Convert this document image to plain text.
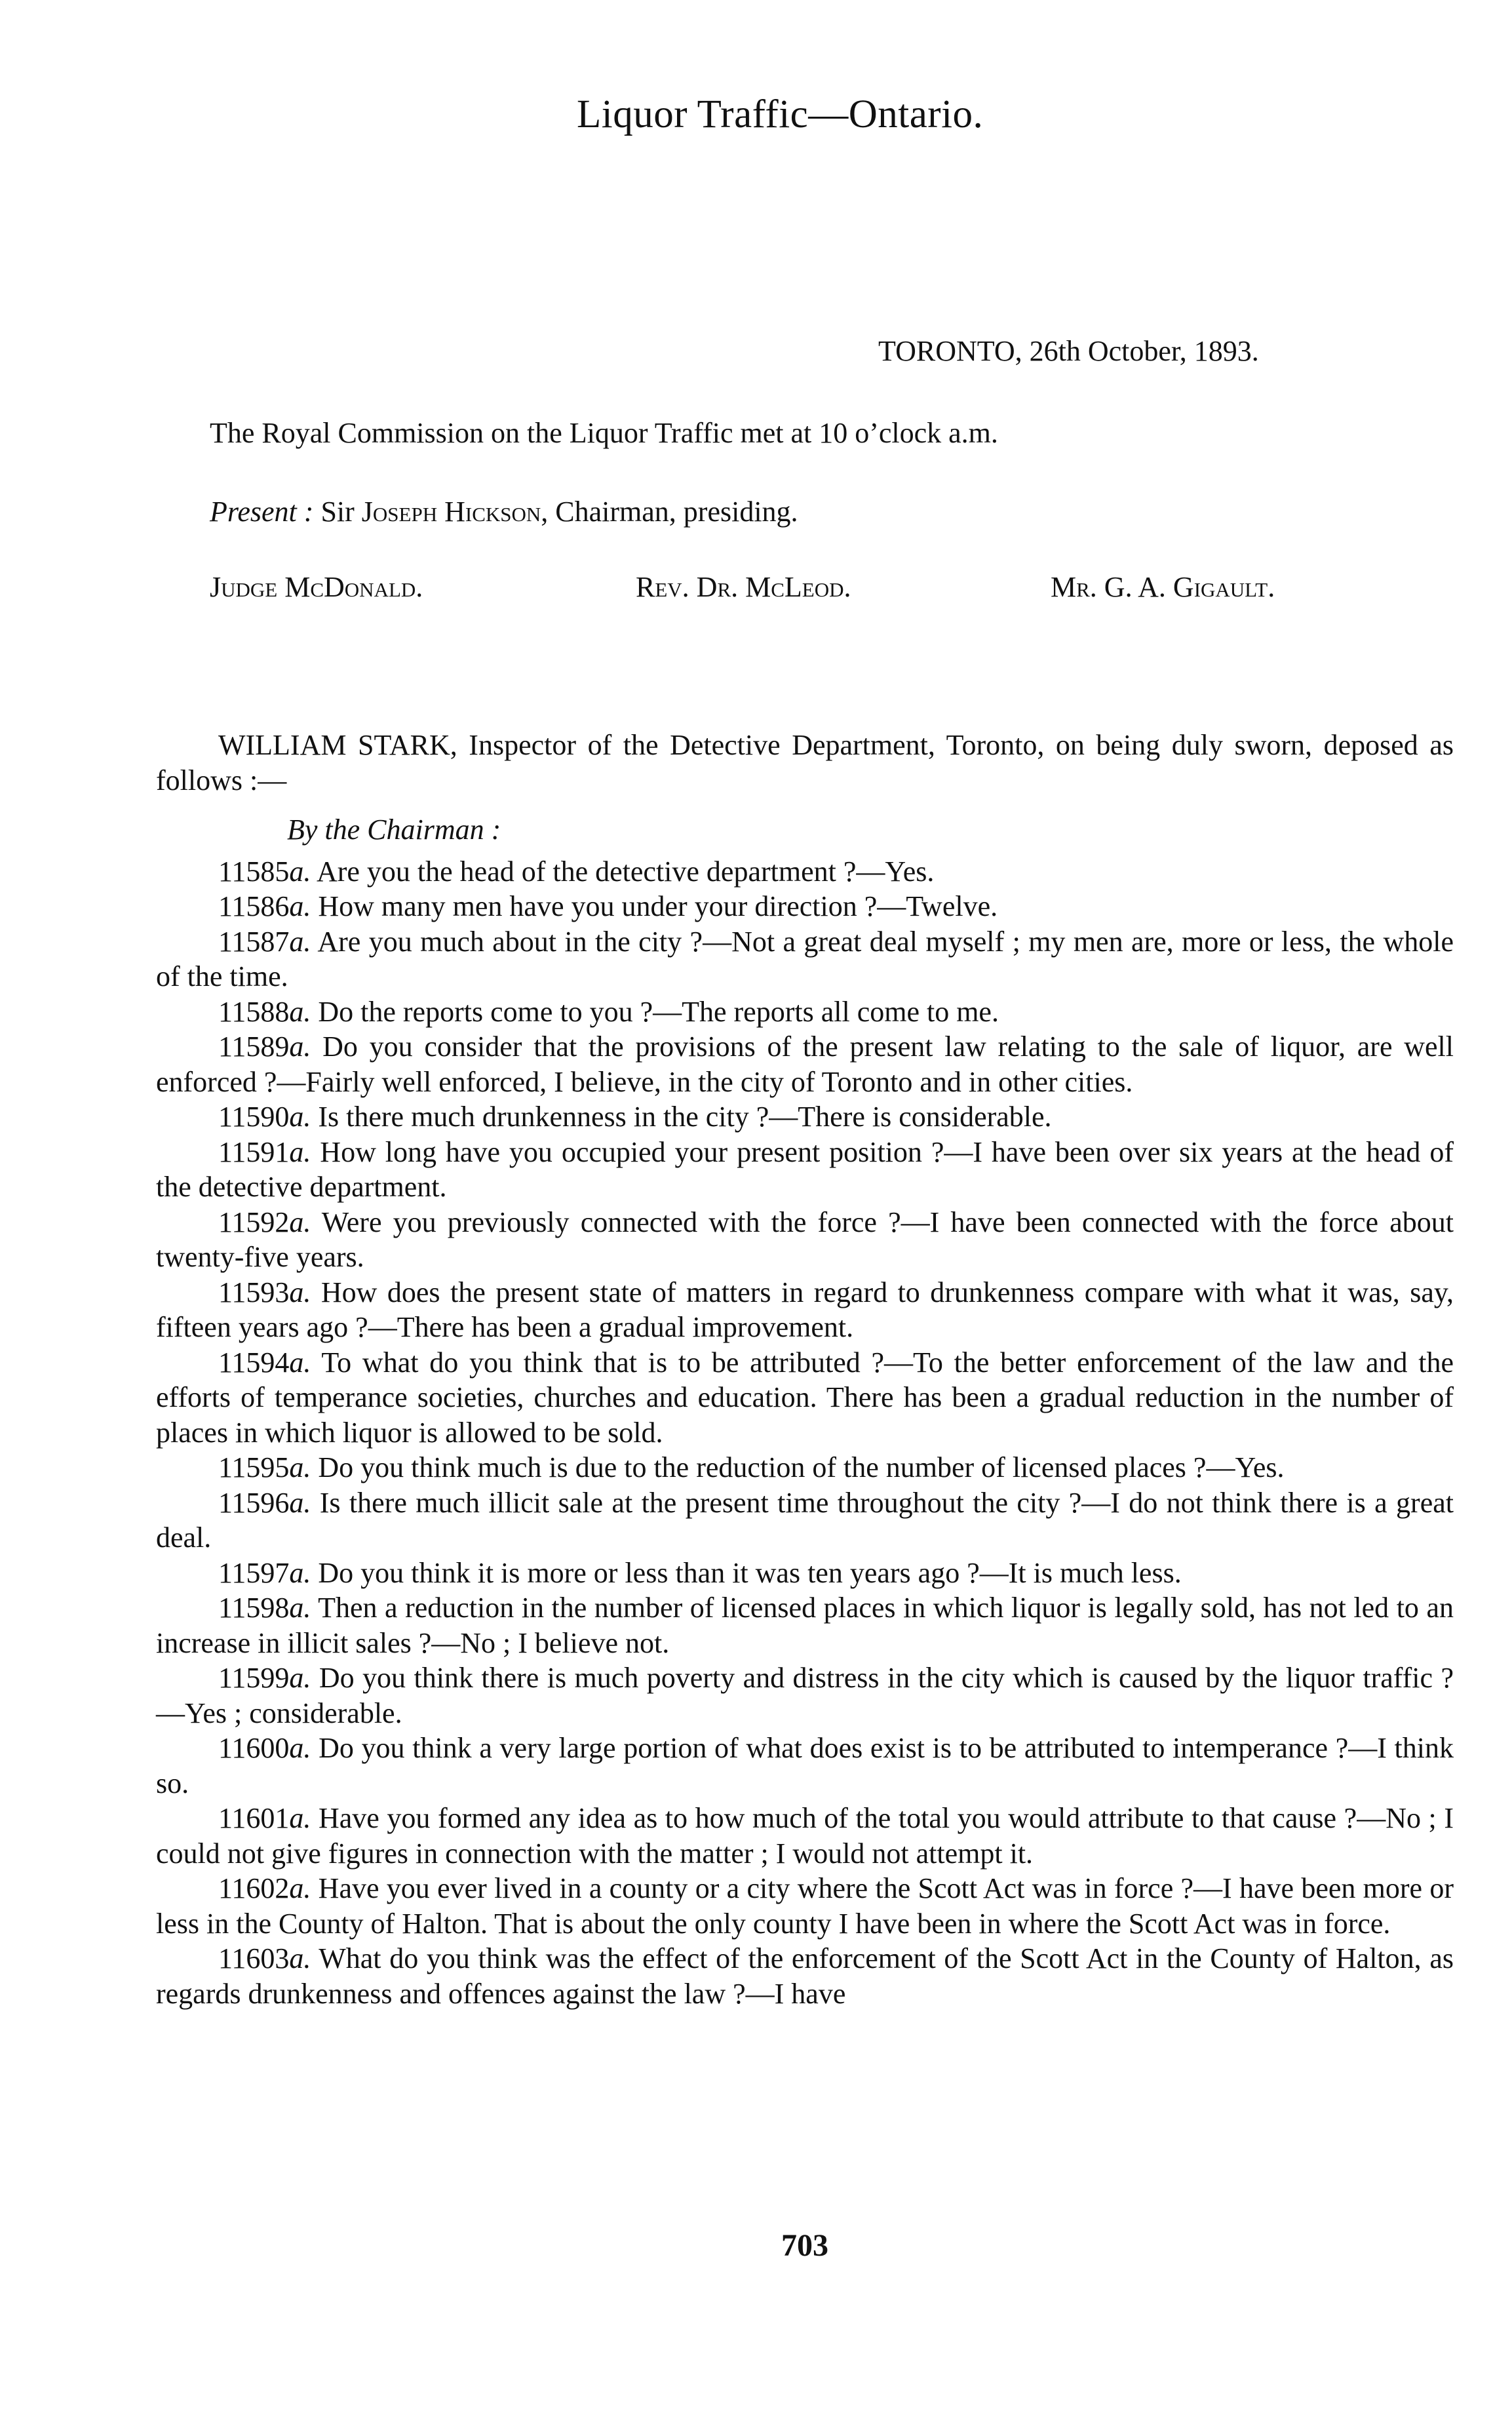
Liquor Traffic—Ontario.
TORONTO, 26th October, 1893.
The Royal Commission on the Liquor Traffic met at 10 o’clock a.m.
Present : Sir Joseph Hickson, Chairman, presiding.
Judge McDonald.	Rev. Dr. McLeod.	Mr. G. A. Gigault.

WILLIAM STARK, Inspector of the Detective Department, Toronto, on being duly sworn, deposed as follows :—

By the Chairman :

11585a. Are you the head of the detective department ?—Yes.

11586a. How many men have you under your direction ?—Twelve.

11587a. Are you much about in the city ?—Not a great deal myself ; my men are, more or less, the whole of the time.

11588a. Do the reports come to you ?—The reports all come to me.

11589a. Do you consider that the provisions of the present law relating to the sale of liquor, are well enforced ?—Fairly well enforced, I believe, in the city of Toronto and in other cities.

11590a. Is there much drunkenness in the city ?—There is considerable.

11591a. How long have you occupied your present position ?—I have been over six years at the head of the detective department.

11592a. Were you previously connected with the force ?—I have been connected with the force about twenty-five years.

11593a. How does the present state of matters in regard to drunkenness compare with what it was, say, fifteen years ago ?—There has been a gradual improvement.

11594a. To what do you think that is to be attributed ?—To the better enforcement of the law and the efforts of temperance societies, churches and education. There has been a gradual reduction in the number of places in which liquor is allowed to be sold.

11595a. Do you think much is due to the reduction of the number of licensed places ?—Yes.

11596a. Is there much illicit sale at the present time throughout the city ?—I do not think there is a great deal.

11597a. Do you think it is more or less than it was ten years ago ?—It is much less.

11598a. Then a reduction in the number of licensed places in which liquor is legally sold, has not led to an increase in illicit sales ?—No ; I believe not.

11599a. Do you think there is much poverty and distress in the city which is caused by the liquor traffic ?—Yes ; considerable.

11600a. Do you think a very large portion of what does exist is to be attributed to intemperance ?—I think so.

11601a. Have you formed any idea as to how much of the total you would attribute to that cause ?—No ; I could not give figures in connection with the matter ; I would not attempt it.

11602a. Have you ever lived in a county or a city where the Scott Act was in force ?—I have been more or less in the County of Halton. That is about the only county I have been in where the Scott Act was in force.

11603a. What do you think was the effect of the enforcement of the Scott Act in the County of Halton, as regards drunkenness and offences against the law ?—I have

703
